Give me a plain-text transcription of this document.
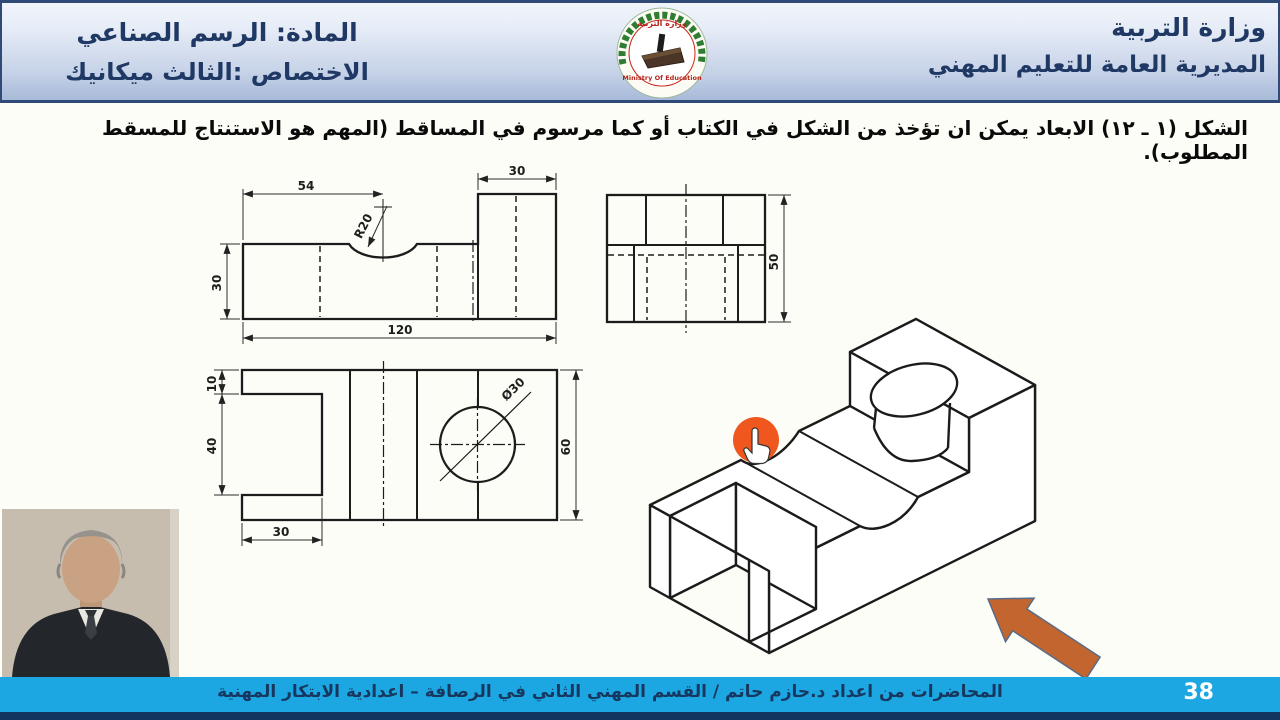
وزارة التربية
المديرية العامة للتعليم المهني
المادة: الرسم الصناعي
الاختصاص :الثالث ميكانيك
وزارة التربية
Ministry Of Education
الشكل (١ ـ ١٢) الابعاد يمكن ان تؤخذ من الشكل في الكتاب أو كما مرسوم في المساقط (المهم هو الاستنتاج للمسقط المطلوب).
54
30
R20
30
120
50
10
40
30
Ø30
60
المحاضرات من اعداد د.حازم حاتم / القسم المهني الثاني في الرصافة – اعدادية الابتكار المهنية	38
